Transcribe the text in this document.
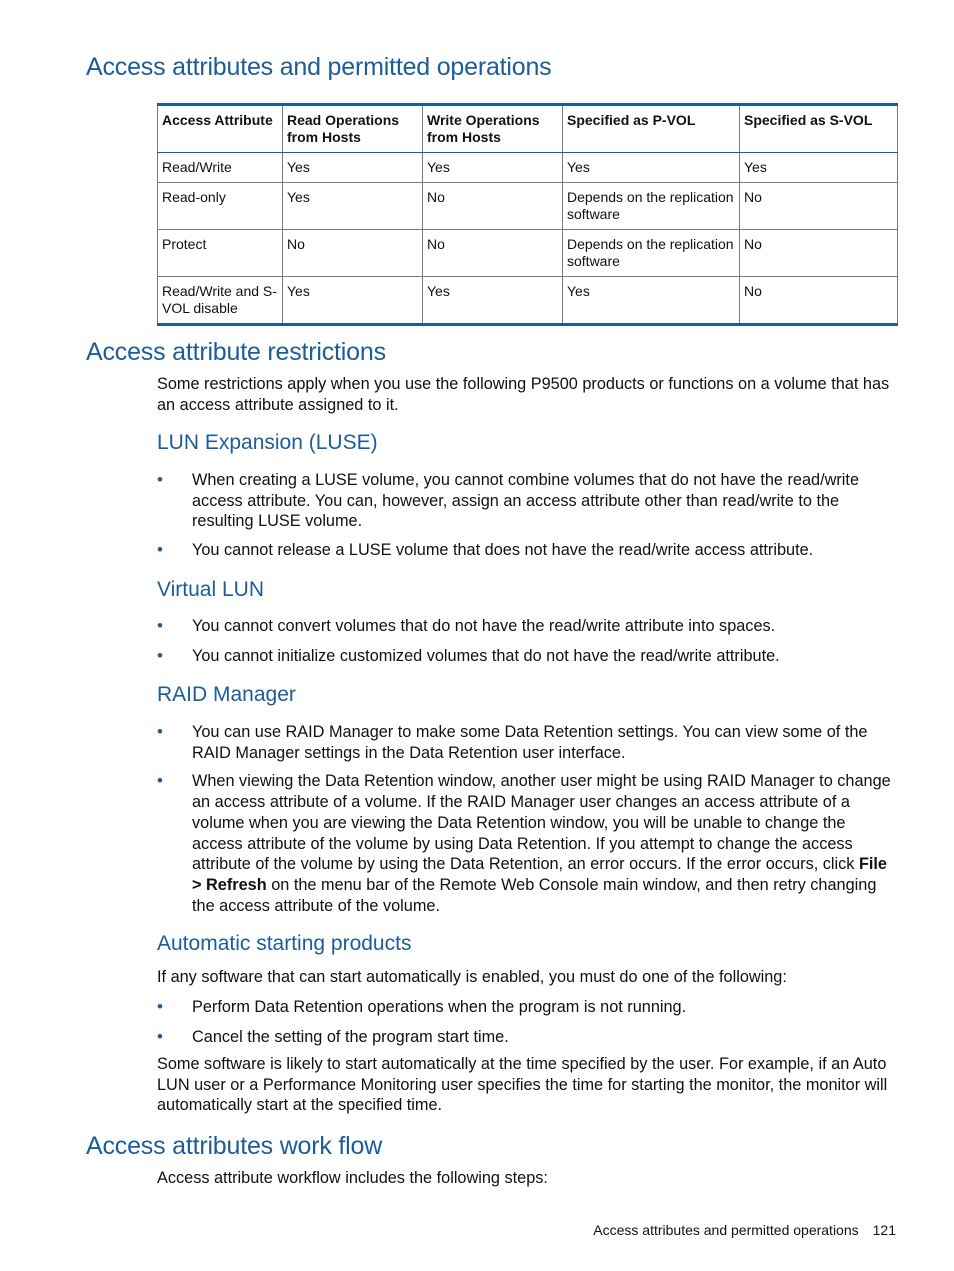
Access attributes and permitted operations
Access Attribute	Read Operations from Hosts	Write Operations from Hosts	Specified as P-VOL	Specified as S-VOL
Read/Write	Yes	Yes	Yes	Yes
Read-only	Yes	No	Depends on the replication software	No
Protect	No	No	Depends on the replication software	No
Read/Write and S-VOL disable	Yes	Yes	Yes	No
Access attribute restrictions

Some restrictions apply when you use the following P9500 products or functions on a volume that has an access attribute assigned to it.

LUN Expansion (LUSE)
• When creating a LUSE volume, you cannot combine volumes that do not have the read/write access attribute. You can, however, assign an access attribute other than read/write to the resulting LUSE volume.
• You cannot release a LUSE volume that does not have the read/write access attribute.
Virtual LUN
• You cannot convert volumes that do not have the read/write attribute into spaces.
• You cannot initialize customized volumes that do not have the read/write attribute.
RAID Manager
• You can use RAID Manager to make some Data Retention settings. You can view some of the RAID Manager settings in the Data Retention user interface.
• When viewing the Data Retention window, another user might be using RAID Manager to change an access attribute of a volume. If the RAID Manager user changes an access attribute of a volume when you are viewing the Data Retention window, you will be unable to change the access attribute of the volume by using Data Retention. If you attempt to change the access attribute of the volume by using the Data Retention, an error occurs. If the error occurs, click File > Refresh on the menu bar of the Remote Web Console main window, and then retry changing the access attribute of the volume.
Automatic starting products

If any software that can start automatically is enabled, you must do one of the following:

• Perform Data Retention operations when the program is not running.
• Cancel the setting of the program start time.

Some software is likely to start automatically at the time specified by the user. For example, if an Auto LUN user or a Performance Monitoring user specifies the time for starting the monitor, the monitor will automatically start at the specified time.

Access attributes work flow

Access attribute workflow includes the following steps:

Access attributes and permitted operations 121
